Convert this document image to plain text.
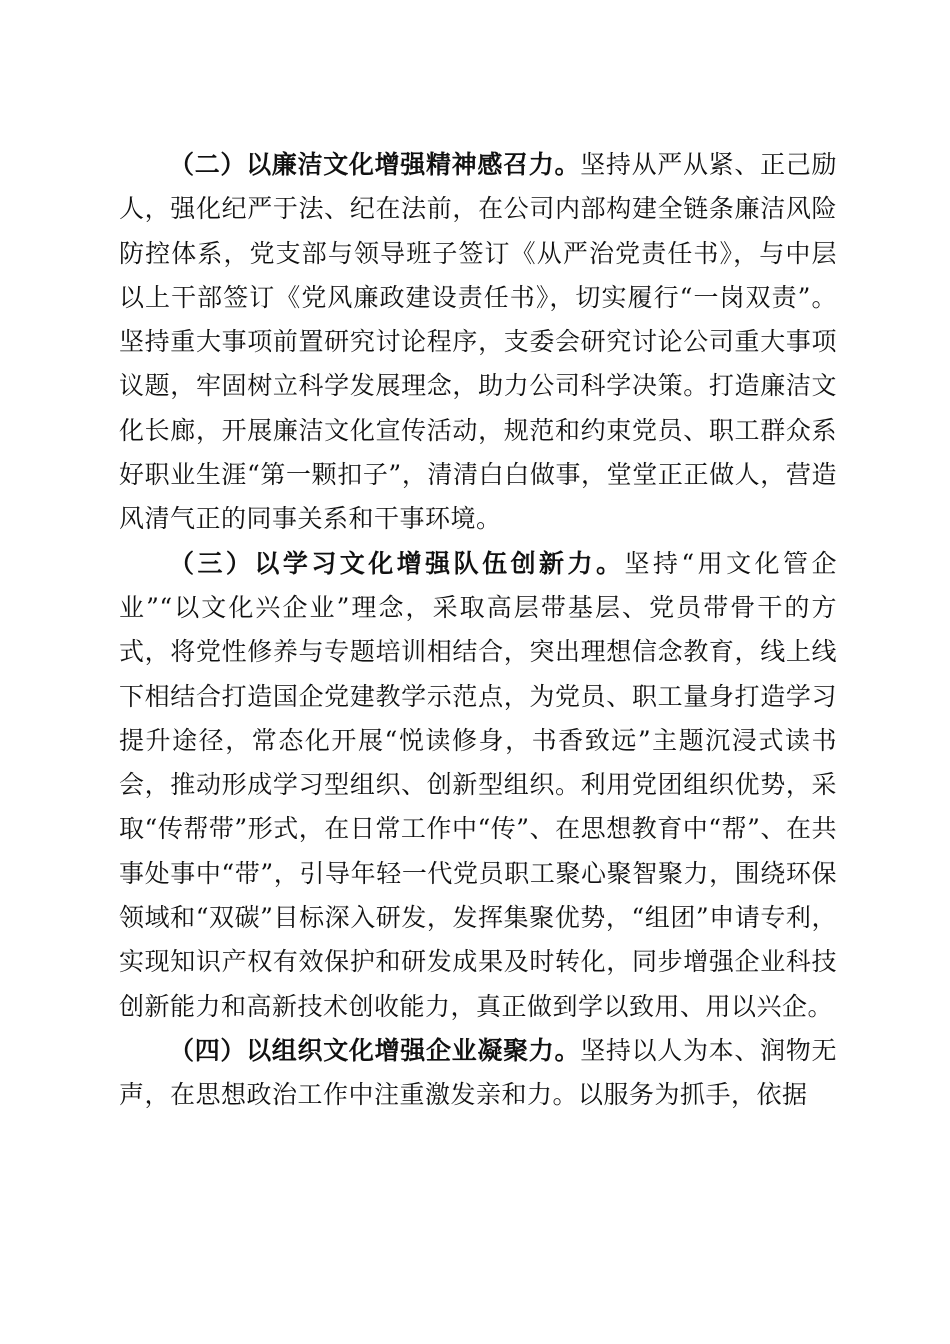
（二）以廉洁文化增强精神感召力。坚持从严从紧、正己励人，强化纪严于法、纪在法前，在公司内部构建全链条廉洁风险防控体系，党支部与领导班子签订《从严治党责任书》，与中层以上干部签订《党风廉政建设责任书》，切实履行“一岗双责”。坚持重大事项前置研究讨论程序，支委会研究讨论公司重大事项议题，牢固树立科学发展理念，助力公司科学决策。打造廉洁文化长廊，开展廉洁文化宣传活动，规范和约束党员、职工群众系好职业生涯“第一颗扣子”，清清白白做事，堂堂正正做人，营造风清气正的同事关系和干事环境。

（三）以学习文化增强队伍创新力。坚持“用文化管企业”“以文化兴企业”理念，采取高层带基层、党员带骨干的方式，将党性修养与专题培训相结合，突出理想信念教育，线上线下相结合打造国企党建教学示范点，为党员、职工量身打造学习提升途径，常态化开展“悦读修身，书香致远”主题沉浸式读书会，推动形成学习型组织、创新型组织。利用党团组织优势，采取“传帮带”形式，在日常工作中“传”、在思想教育中“帮”、在共事处事中“带”，引导年轻一代党员职工聚心聚智聚力，围绕环保领域和“双碳”目标深入研发，发挥集聚优势，“组团”申请专利，实现知识产权有效保护和研发成果及时转化，同步增强企业科技创新能力和高新技术创收能力，真正做到学以致用、用以兴企。

（四）以组织文化增强企业凝聚力。坚持以人为本、润物无声，在思想政治工作中注重激发亲和力。以服务为抓手，依据
